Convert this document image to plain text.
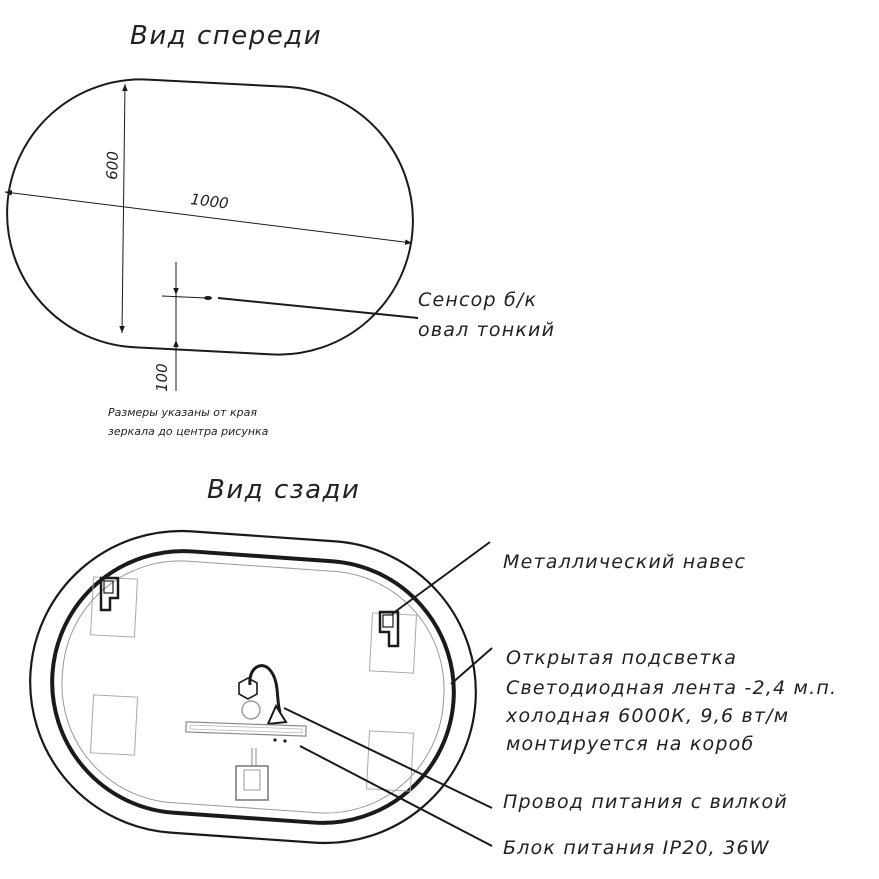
Вид спереди
600
1000
100
Сенсор б/к
овал тонкий
Размеры указаны от края
зеркала до центра рисунка
Вид сзади
Металлический навес
Открытая подсветка
Светодиодная лента -2,4 м.п.
холодная 6000К, 9,6 вт/м
монтируется на короб
Провод питания с вилкой
Блок питания IP20, 36W
